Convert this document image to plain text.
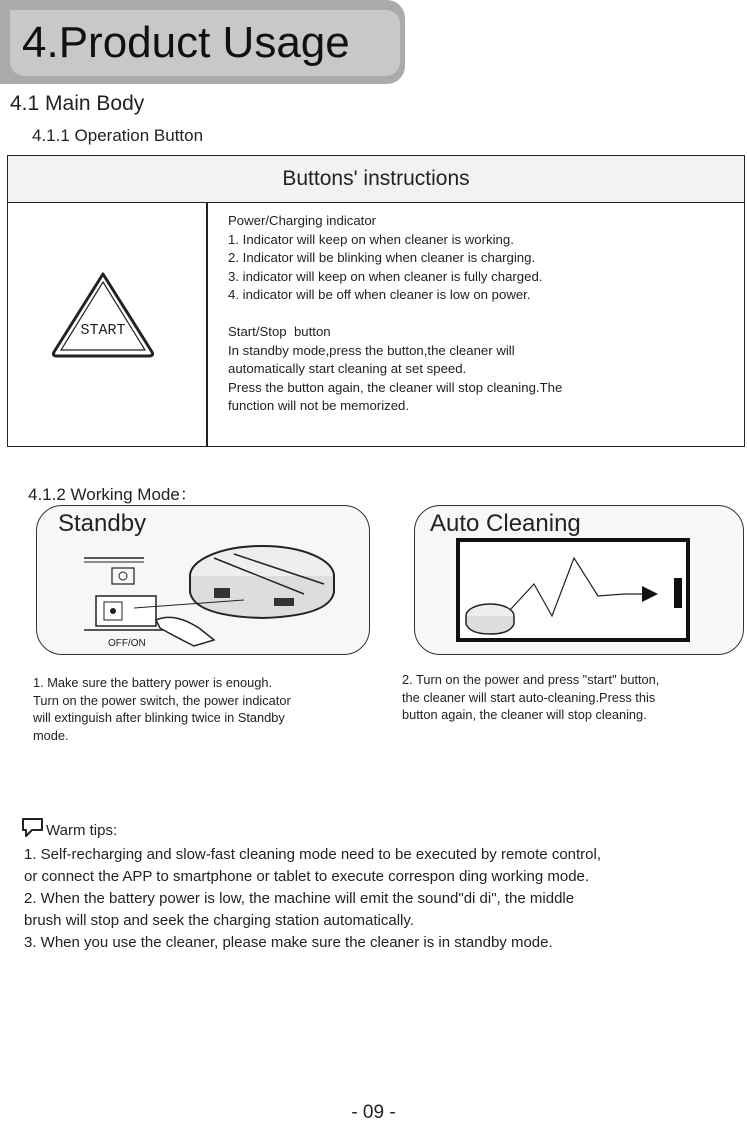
4.Product Usage
4.1 Main Body
4.1.1 Operation Button
Buttons' instructions
START
Power/Charging indicator
1. Indicator will keep on when cleaner is working.
2. Indicator will be blinking when cleaner is charging.
3. indicator will keep on when cleaner is fully charged.
4. indicator will be off when cleaner is low on power.
Start/Stop  button
In standby mode,press the button,the cleaner will
automatically start cleaning at set speed.
Press the button again, the cleaner will stop cleaning.The
function will not be memorized.
4.1.2 Working Mode：
Standby
OFF/ON
Auto Cleaning
1. Make sure the battery power is enough.
Turn on the power switch, the power indicator
will extinguish after blinking twice in Standby
mode.
2. Turn on the power and press "start" button,
the cleaner will start auto-cleaning.Press this
button again, the cleaner will stop cleaning.
Warm tips:
1. Self-recharging and slow-fast cleaning mode need to be executed by remote control,
or connect the APP to smartphone or tablet to execute correspon ding working mode.
2. When the battery power is low, the machine will emit the sound"di di", the middle
brush will stop and seek the charging station automatically.
3. When you use the cleaner, please make sure the cleaner is in standby mode.
- 09 -
